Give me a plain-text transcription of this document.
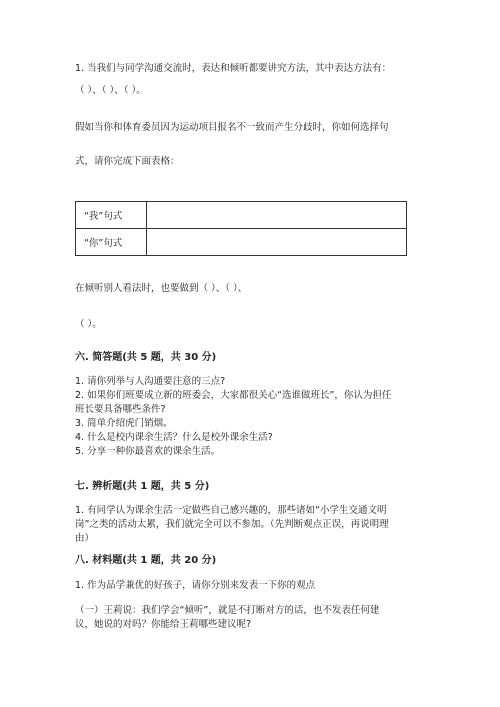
1. 当我们与同学沟通交流时，表达和倾听都要讲究方法，其中表达方法有：
（ ）、（ ）、（ ）。
假如当你和体育委员因为运动项目报名不一致而产生分歧时，你如何选择句
式，请你完成下面表格：
“我”句式	
“你”句式	
在倾听别人看法时，也要做到（ ）、（ ）、
（ ）。
六. 简答题(共 5 题，共 30 分)
1. 请你列举与人沟通要注意的三点?
2. 如果你们班要成立新的班委会，大家都很关心“选谁做班长”，你认为担任
班长要具备哪些条件?
3. 简单介绍虎门销烟。
4. 什么是校内课余生活？什么是校外课余生活?
5. 分享一种你最喜欢的课余生活。
七. 辨析题(共 1 题，共 5 分)
1. 有同学认为课余生活一定做些自己感兴趣的，那些诸如“小学生交通文明
岗”之类的活动太累，我们就完全可以不参加。（先判断观点正误，再说明理
由）
八. 材料题(共 1 题，共 20 分)
1. 作为品学兼优的好孩子，请你分别来发表一下你的观点
（一）王莉说：我们学会“倾听”，就是不打断对方的话，也不发表任何建
议，她说的对吗？你能给王莉哪些建议呢?
